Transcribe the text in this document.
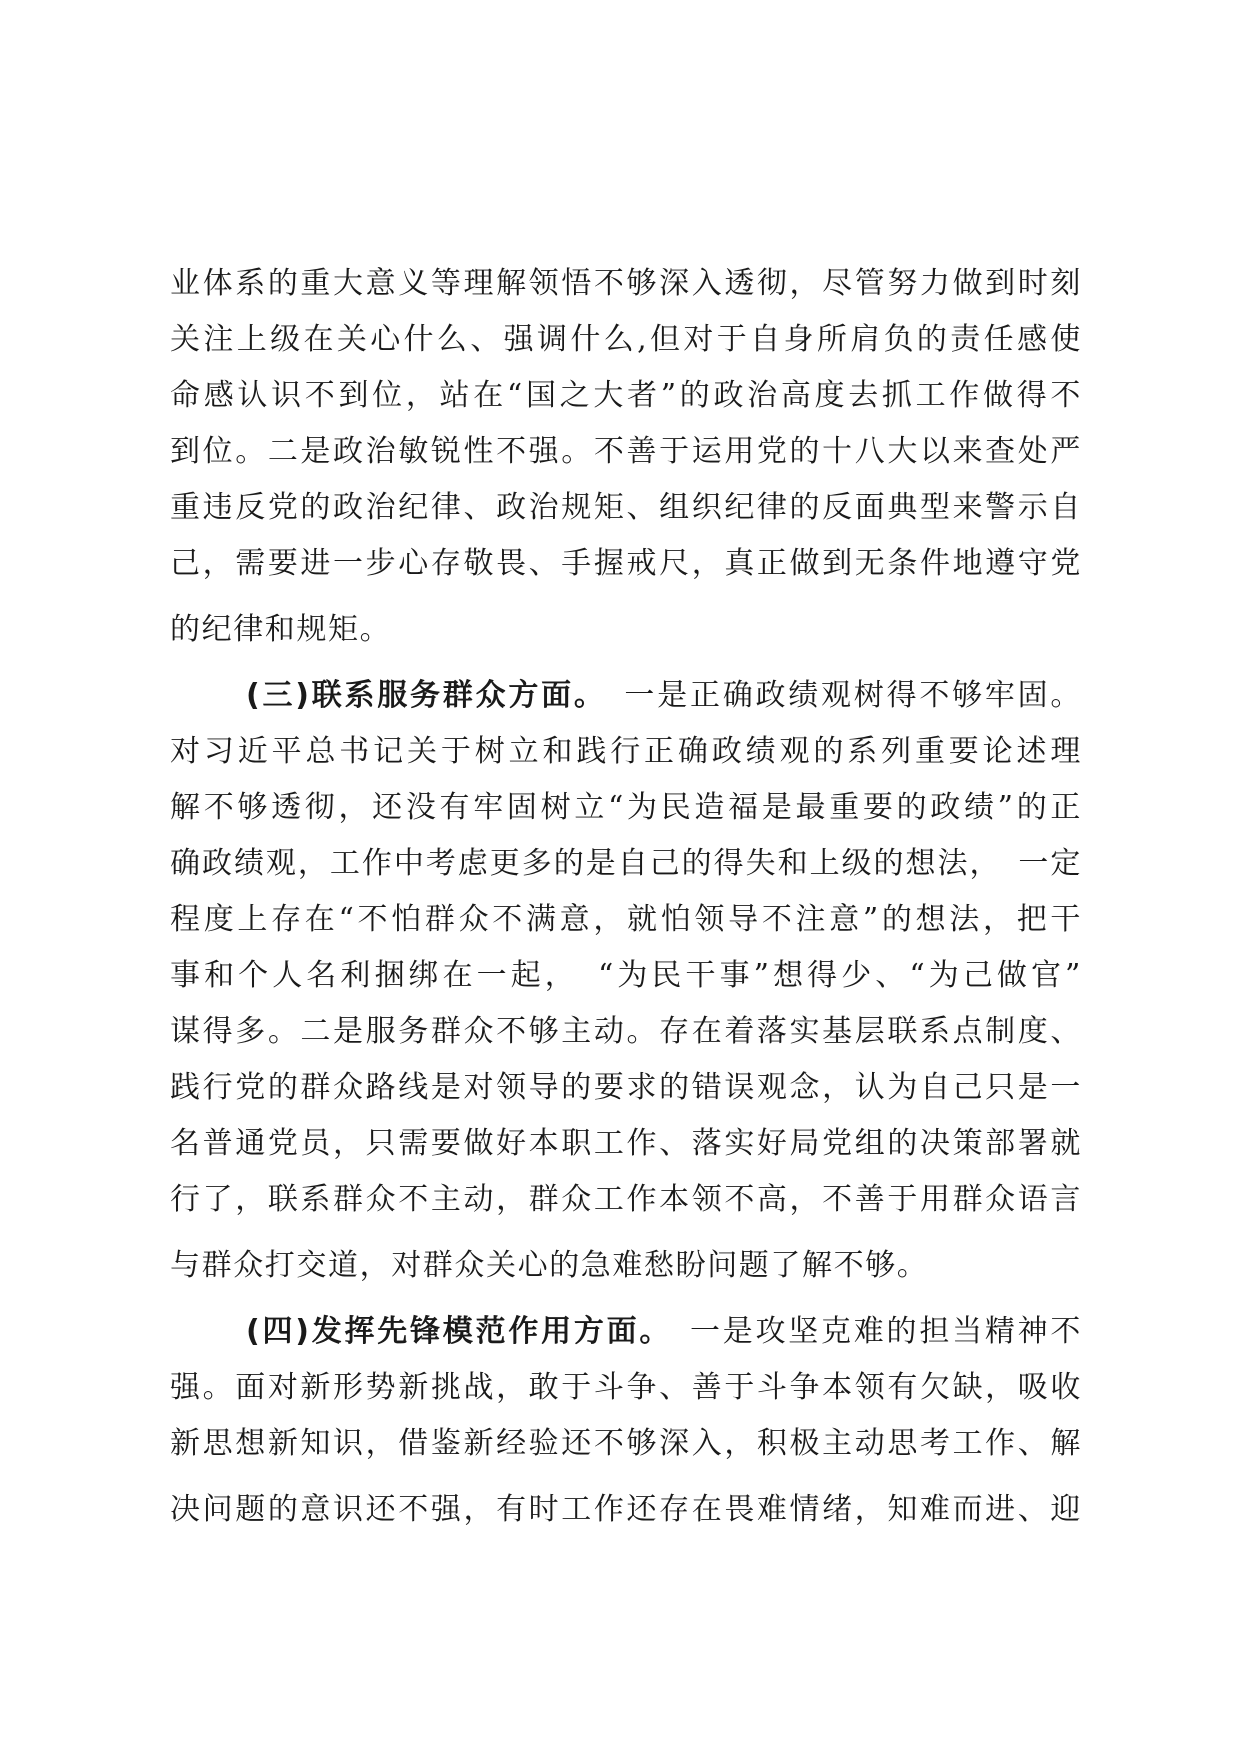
业体系的重大意义等理解领悟不够深入透彻，尽管努力做到时刻
关注上级在关心什么、强调什么,但对于自身所肩负的责任感使
命感认识不到位，站在“国之大者”的政治高度去抓工作做得不
到位。二是政治敏锐性不强。不善于运用党的十八大以来查处严
重违反党的政治纪律、政治规矩、组织纪律的反面典型来警示自
己，需要进一步心存敬畏、手握戒尺，真正做到无条件地遵守党
的纪律和规矩。
(三)联系服务群众方面。　 一是正确政绩观树得不够牢固。
对习近平总书记关于树立和践行正确政绩观的系列重要论述理
解不够透彻，还没有牢固树立“为民造福是最重要的政绩”的正
确政绩观，工作中考虑更多的是自己的得失和上级的想法，　一定
程度上存在“不怕群众不满意，就怕领导不注意”的想法，把干
事和个人名利捆绑在一起，　“为民干事”想得少、“为己做官”
谋得多。二是服务群众不够主动。存在着落实基层联系点制度、
践行党的群众路线是对领导的要求的错误观念，认为自己只是一
名普通党员，只需要做好本职工作、落实好局党组的决策部署就
行了，联系群众不主动，群众工作本领不高，不善于用群众语言
与群众打交道，对群众关心的急难愁盼问题了解不够。
(四)发挥先锋模范作用方面。　 一是攻坚克难的担当精神不
强。面对新形势新挑战，敢于斗争、善于斗争本领有欠缺，吸收
新思想新知识，借鉴新经验还不够深入，积极主动思考工作、解
决问题的意识还不强，有时工作还存在畏难情绪，知难而进、迎
